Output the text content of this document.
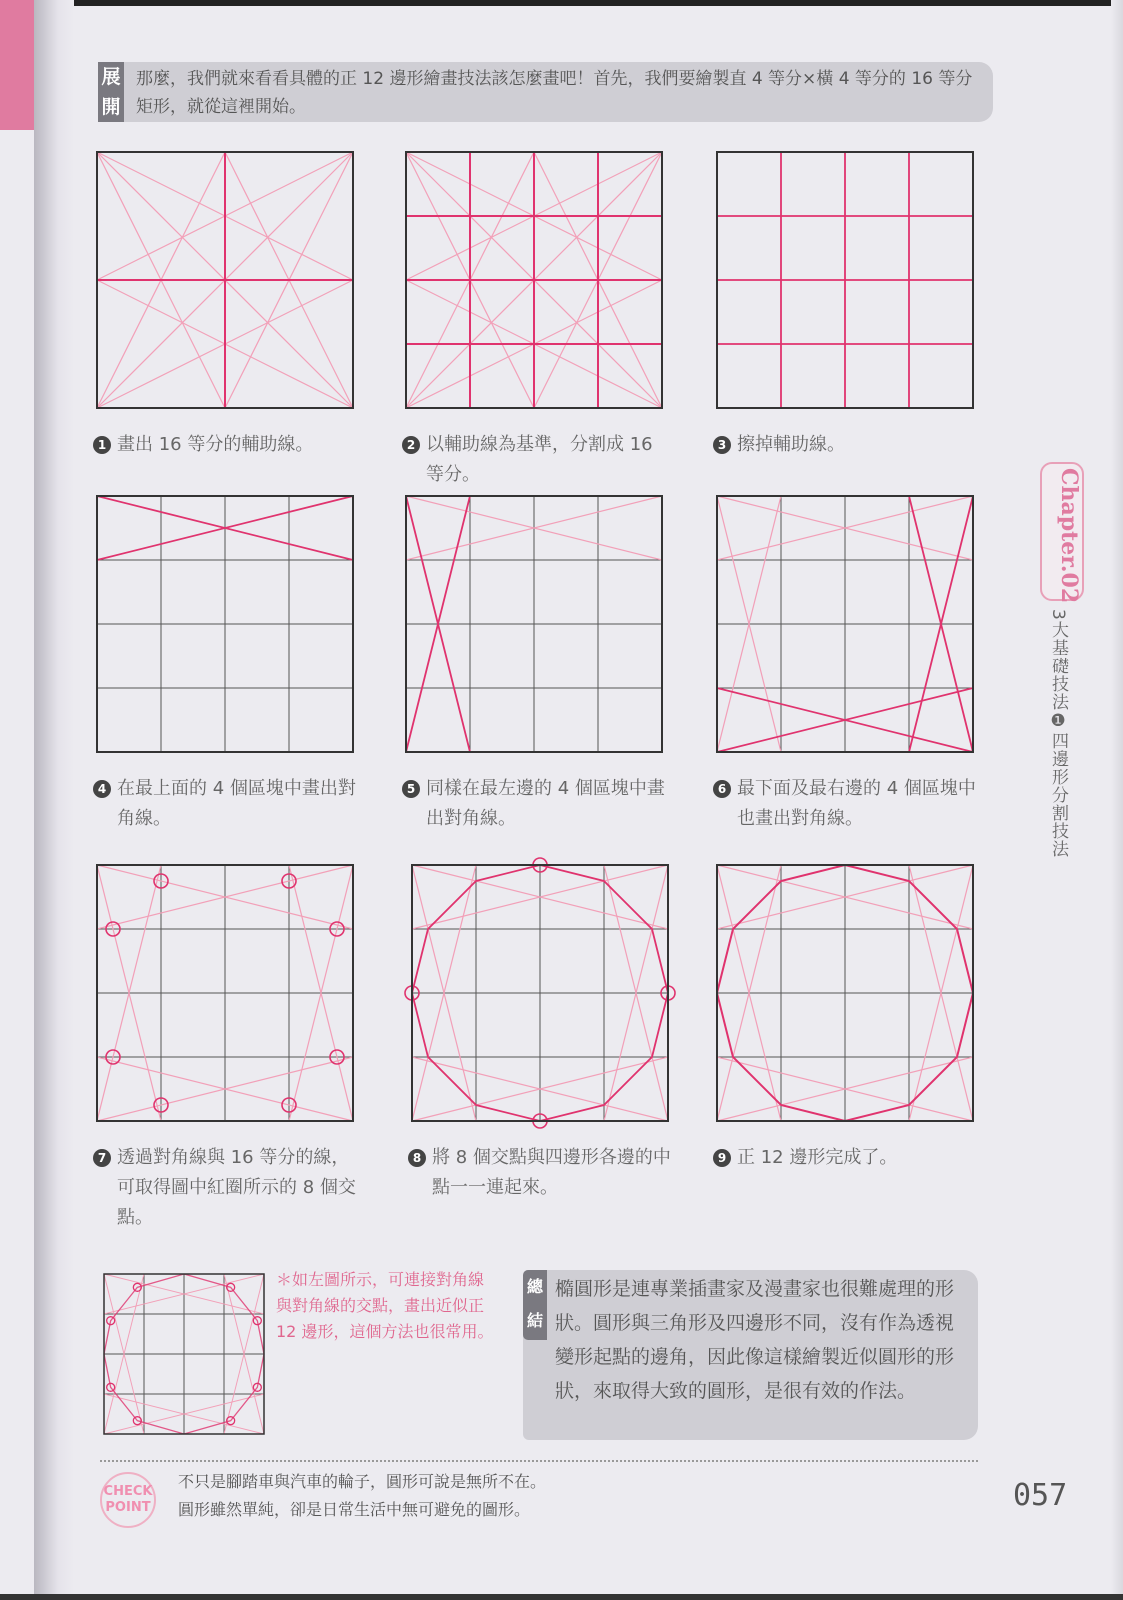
展開
那麼，我們就來看看具體的正 12 邊形繪畫技法該怎麼畫吧！首先，我們要繪製直 4 等分×橫 4 等分的 16 等分矩形，就從這裡開始。
1 畫出 16 等分的輔助線。	2 以輔助線為基準，分割成 16 等分。
3 擦掉輔助線。
4 在最上面的 4 個區塊中畫出對角線。
5 同樣在最左邊的 4 個區塊中畫出對角線。
6 最下面及最右邊的 4 個區塊中也畫出對角線。
7 透過對角線與 16 等分的線，可取得圖中紅圈所示的 8 個交點。
8 將 8 個交點與四邊形各邊的中點一一連起來。
9 正 12 邊形完成了。
Chapter.02
3大基礎技法❶四邊形分割技法
＊如左圖所示，可連接對角線與對角線的交點，畫出近似正 12 邊形，這個方法也很常用。
總結
橢圓形是連專業插畫家及漫畫家也很難處理的形狀。圓形與三角形及四邊形不同，沒有作為透視變形起點的邊角，因此像這樣繪製近似圓形的形狀，來取得大致的圓形，是很有效的作法。
CHECK POINT
不只是腳踏車與汽車的輪子，圓形可說是無所不在。
圓形雖然單純，卻是日常生活中無可避免的圖形。	057
